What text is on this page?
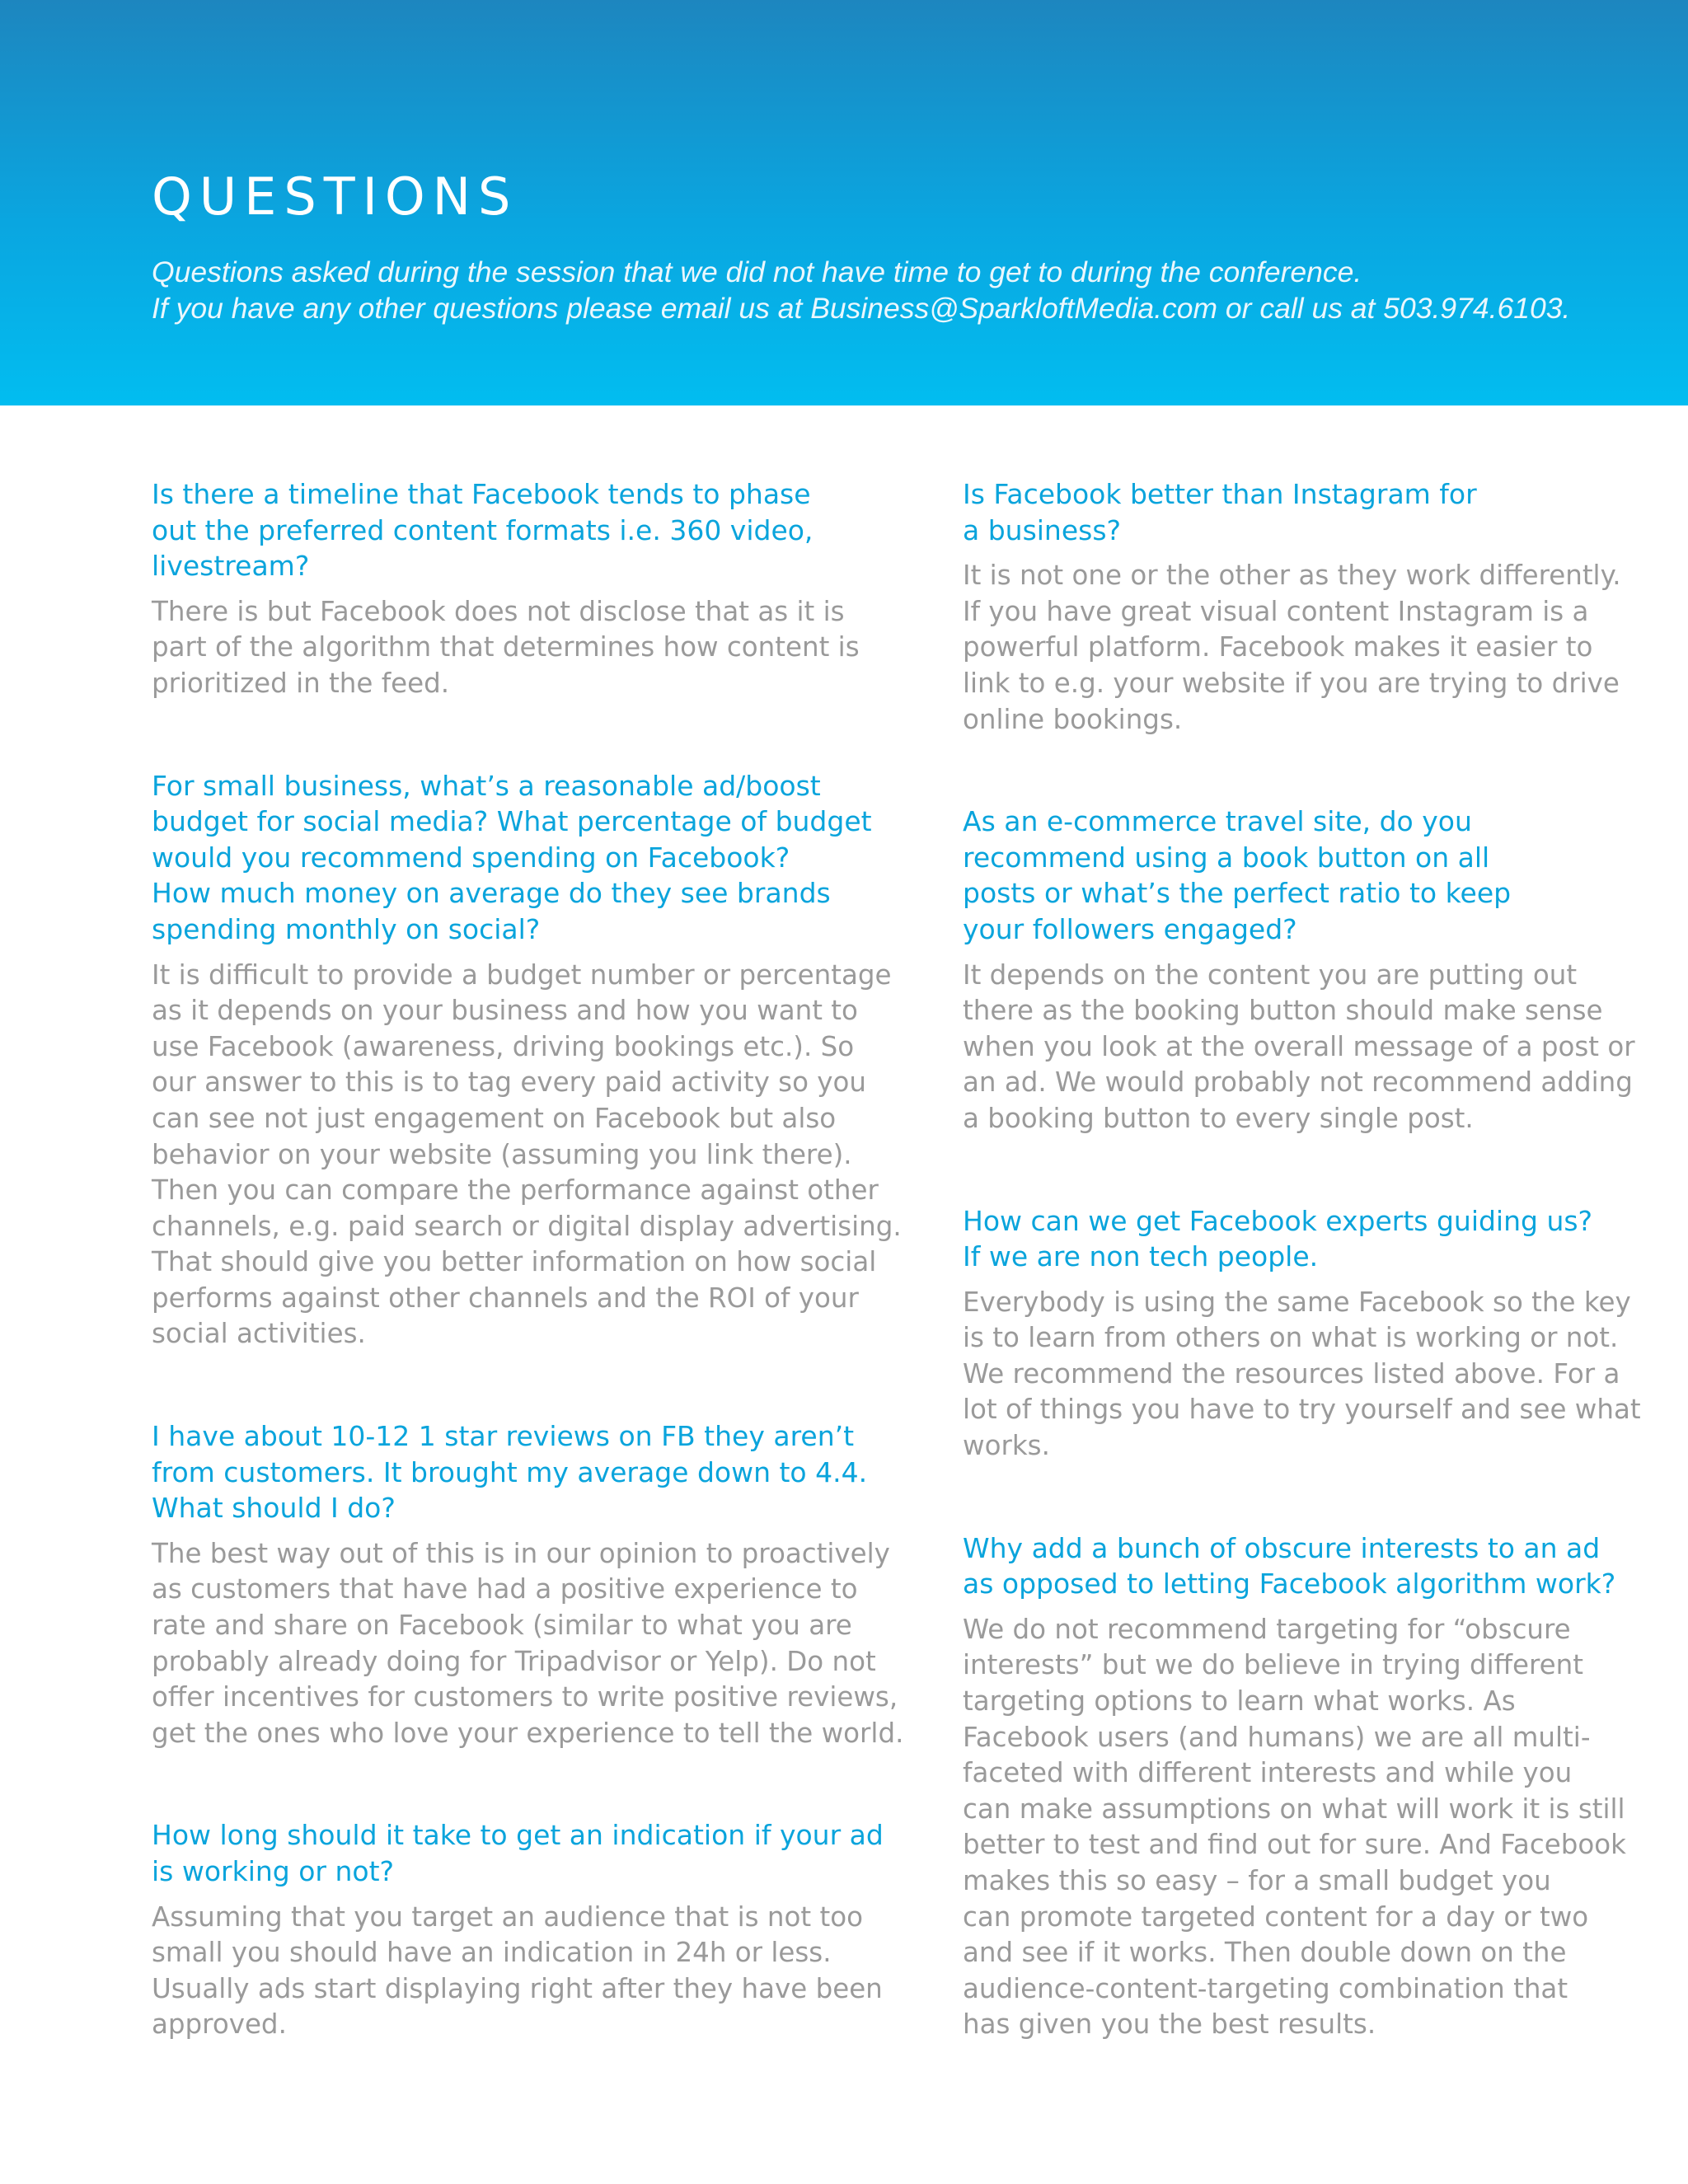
QUESTIONS
Questions asked during the session that we did not have time to get to during the conference.
If you have any other questions please email us at Business@SparkloftMedia.com or call us at 503.974.6103.
Is there a timeline that Facebook tends to phase
out the preferred content formats i.e. 360 video,
livestream?
There is but Facebook does not disclose that as it is
part of the algorithm that determines how content is
prioritized in the feed.
For small business, what’s a reasonable ad/boost
budget for social media? What percentage of budget
would you recommend spending on Facebook?
How much money on average do they see brands
spending monthly on social?
It is difficult to provide a budget number or percentage
as it depends on your business and how you want to
use Facebook (awareness, driving bookings etc.). So
our answer to this is to tag every paid activity so you
can see not just engagement on Facebook but also
behavior on your website (assuming you link there).
Then you can compare the performance against other
channels, e.g. paid search or digital display advertising.
That should give you better information on how social
performs against other channels and the ROI of your
social activities.
I have about 10-12 1 star reviews on FB they aren’t
from customers. It brought my average down to 4.4.
What should I do?
The best way out of this is in our opinion to proactively
as customers that have had a positive experience to
rate and share on Facebook (similar to what you are
probably already doing for Tripadvisor or Yelp). Do not
offer incentives for customers to write positive reviews,
get the ones who love your experience to tell the world.
How long should it take to get an indication if your ad
is working or not?
Assuming that you target an audience that is not too
small you should have an indication in 24h or less.
Usually ads start displaying right after they have been
approved.
Is Facebook better than Instagram for
a business?
It is not one or the other as they work differently.
If you have great visual content Instagram is a
powerful platform. Facebook makes it easier to
link to e.g. your website if you are trying to drive
online bookings.
As an e-commerce travel site, do you
recommend using a book button on all
posts or what’s the perfect ratio to keep
your followers engaged?
It depends on the content you are putting out
there as the booking button should make sense
when you look at the overall message of a post or
an ad. We would probably not recommend adding
a booking button to every single post.
How can we get Facebook experts guiding us?
If we are non tech people.
Everybody is using the same Facebook so the key
is to learn from others on what is working or not.
We recommend the resources listed above. For a
lot of things you have to try yourself and see what
works.
Why add a bunch of obscure interests to an ad
as opposed to letting Facebook algorithm work?
We do not recommend targeting for “obscure
interests” but we do believe in trying different
targeting options to learn what works. As
Facebook users (and humans) we are all multi-
faceted with different interests and while you
can make assumptions on what will work it is still
better to test and find out for sure. And Facebook
makes this so easy – for a small budget you
can promote targeted content for a day or two
and see if it works. Then double down on the
audience-content-targeting combination that
has given you the best results.
